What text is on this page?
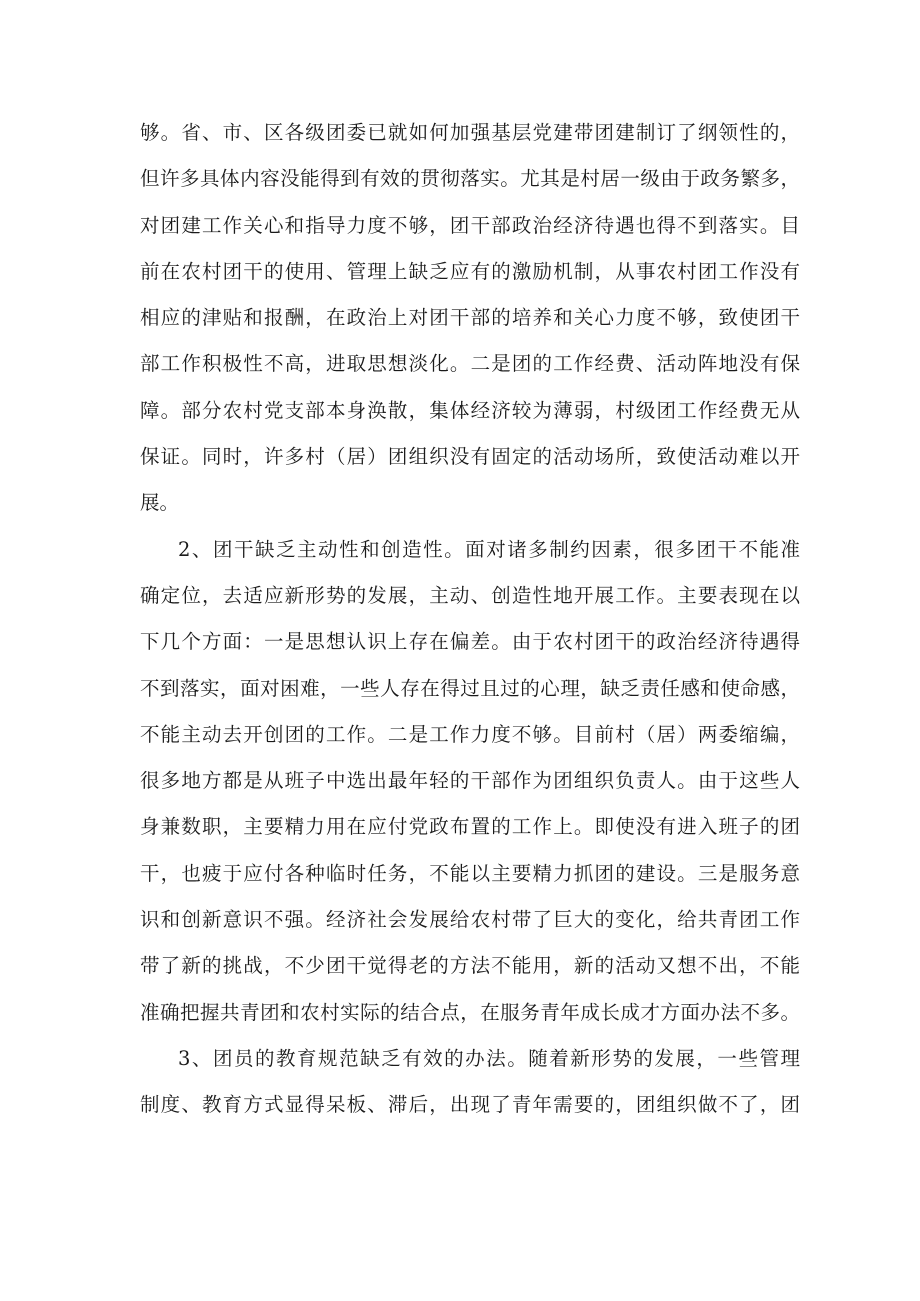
够。省、市、区各级团委已就如何加强基层党建带团建制订了纲领性的，
但许多具体内容没能得到有效的贯彻落实。尤其是村居一级由于政务繁多，
对团建工作关心和指导力度不够，团干部政治经济待遇也得不到落实。目
前在农村团干的使用、管理上缺乏应有的激励机制，从事农村团工作没有
相应的津贴和报酬，在政治上对团干部的培养和关心力度不够，致使团干
部工作积极性不高，进取思想淡化。二是团的工作经费、活动阵地没有保
障。部分农村党支部本身涣散，集体经济较为薄弱，村级团工作经费无从
保证。同时，许多村（居）团组织没有固定的活动场所，致使活动难以开
展。
2、团干缺乏主动性和创造性。面对诸多制约因素，很多团干不能准
确定位，去适应新形势的发展，主动、创造性地开展工作。主要表现在以
下几个方面：一是思想认识上存在偏差。由于农村团干的政治经济待遇得
不到落实，面对困难，一些人存在得过且过的心理，缺乏责任感和使命感，
不能主动去开创团的工作。二是工作力度不够。目前村（居）两委缩编，
很多地方都是从班子中选出最年轻的干部作为团组织负责人。由于这些人
身兼数职，主要精力用在应付党政布置的工作上。即使没有进入班子的团
干，也疲于应付各种临时任务，不能以主要精力抓团的建设。三是服务意
识和创新意识不强。经济社会发展给农村带了巨大的变化，给共青团工作
带了新的挑战，不少团干觉得老的方法不能用，新的活动又想不出，不能
准确把握共青团和农村实际的结合点，在服务青年成长成才方面办法不多。
3、团员的教育规范缺乏有效的办法。随着新形势的发展，一些管理
制度、教育方式显得呆板、滞后，出现了青年需要的，团组织做不了，团
